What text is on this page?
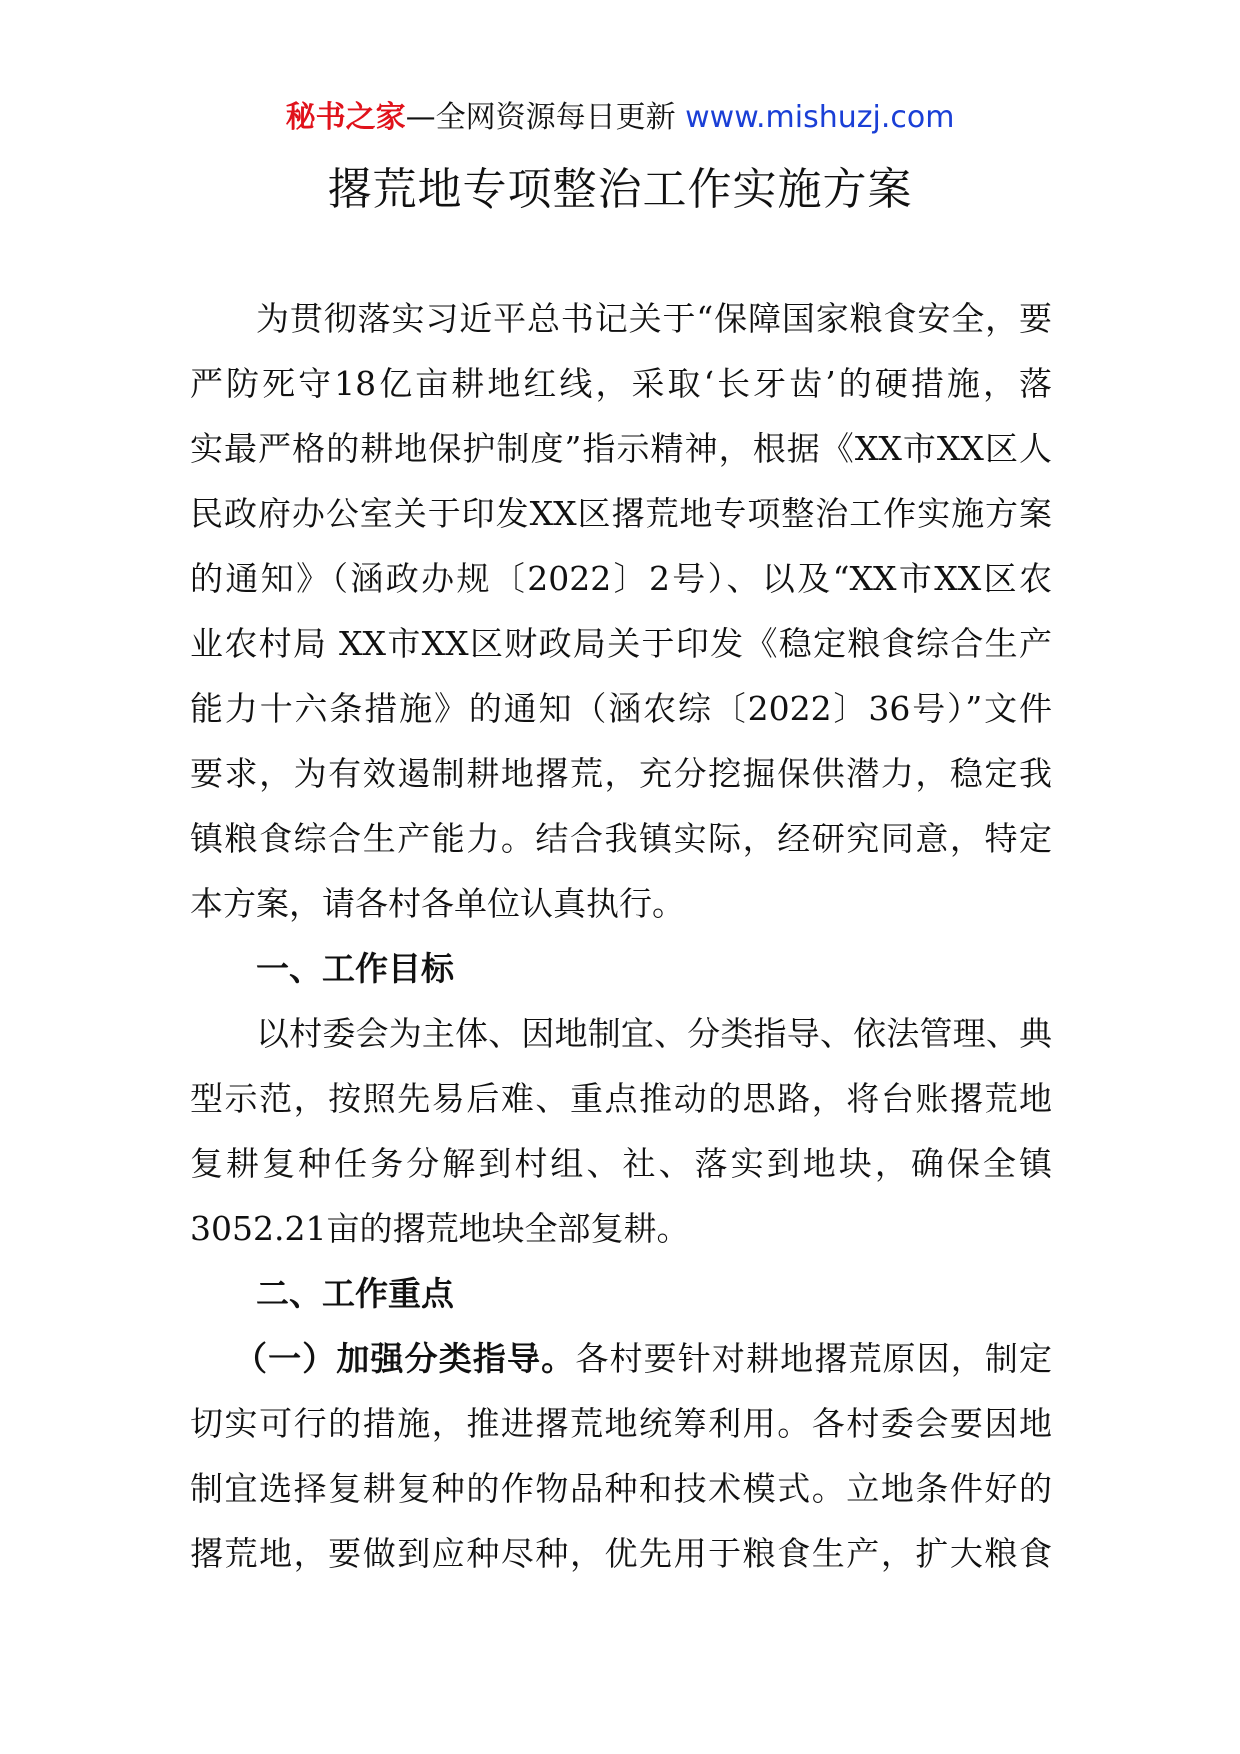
秘书之家—全网资源每日更新 www.mishuzj.com
撂荒地专项整治工作实施方案
为贯彻落实习近平总书记关于“保障国家粮食安全，要
严防死守18亿亩耕地红线，采取‘长牙齿’的硬措施，落
实最严格的耕地保护制度”指示精神，根据《XX市XX区人
民政府办公室关于印发XX区撂荒地专项整治工作实施方案
的通知》（涵政办规〔2022〕2号）、以及“XX市XX区农
业农村局 XX市XX区财政局关于印发《稳定粮食综合生产
能力十六条措施》的通知（涵农综〔2022〕36号）”文件
要求，为有效遏制耕地撂荒，充分挖掘保供潜力，稳定我
镇粮食综合生产能力。结合我镇实际，经研究同意，特定
本方案，请各村各单位认真执行。
一、工作目标
以村委会为主体、因地制宜、分类指导、依法管理、典
型示范，按照先易后难、重点推动的思路，将台账撂荒地
复耕复种任务分解到村组、社、落实到地块，确保全镇
3052.21亩的撂荒地块全部复耕。
二、工作重点
（一）加强分类指导。各村要针对耕地撂荒原因，制定
切实可行的措施，推进撂荒地统筹利用。各村委会要因地
制宜选择复耕复种的作物品种和技术模式。立地条件好的
撂荒地，要做到应种尽种，优先用于粮食生产，扩大粮食
